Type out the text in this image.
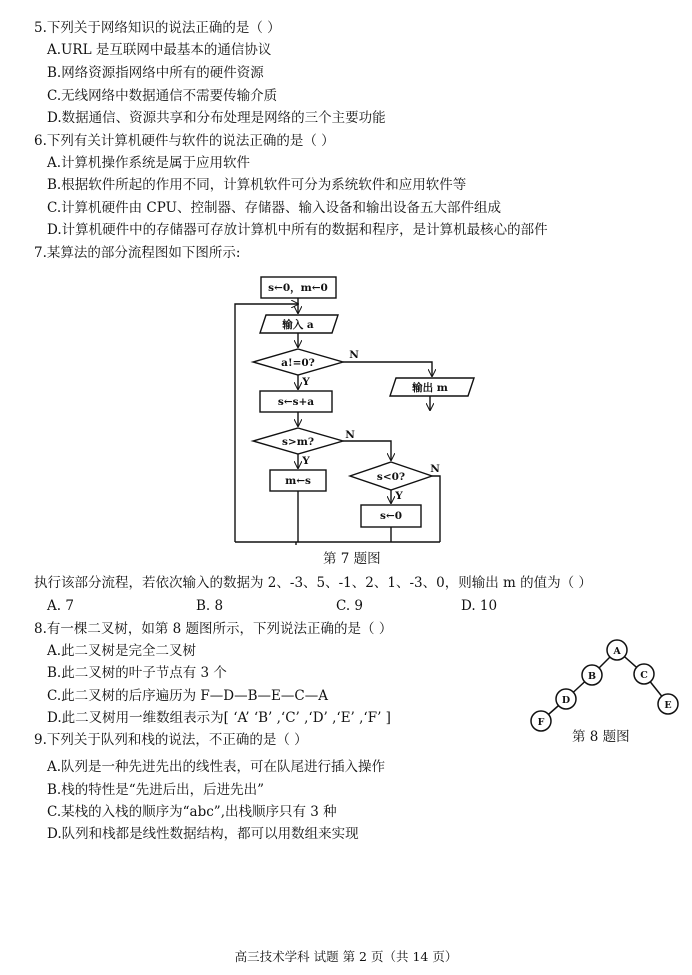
5.下列关于网络知识的说法正确的是（ ）
A.URL 是互联网中最基本的通信协议
B.网络资源指网络中所有的硬件资源
C.无线网络中数据通信不需要传输介质
D.数据通信、资源共享和分布处理是网络的三个主要功能
6.下列有关计算机硬件与软件的说法正确的是（ ）
A.计算机操作系统是属于应用软件
B.根据软件所起的作用不同，计算机软件可分为系统软件和应用软件等
C.计算机硬件由 CPU、控制器、存储器、输入设备和输出设备五大部件组成
D.计算机硬件中的存储器可存放计算机中所有的数据和程序，是计算机最核心的部件
7.某算法的部分流程图如下图所示:
s←0，m←0
输入 a
a!=0?
输出 m
s←s+a
s>m?
m←s	s<0?
s←0
N
Y
N
Y
N
Y
A
B	C
D	E
F
第 7 题图
执行该部分流程，若依次输入的数据为 2、-3、5、-1、2、1、-3、0，则输出 m 的值为（ ）
A. 7	B. 8	C. 9	D. 10
8.有一棵二叉树，如第 8 题图所示，下列说法正确的是（ ）
A.此二叉树是完全二叉树
B.此二叉树的叶子节点有 3 个
C.此二叉树的后序遍历为 F—D—B—E—C—A
D.此二叉树用一维数组表示为[ ‘A’ ‘B’ ,‘C’ ,‘D’ ,‘E’ ,‘F’ ]
第 8 题图
9.下列关于队列和栈的说法，不正确的是（ ）
A.队列是一种先进先出的线性表，可在队尾进行插入操作
B.栈的特性是“先进后出，后进先出”
C.某栈的入栈的顺序为“abc”,出栈顺序只有 3 种
D.队列和栈都是线性数据结构，都可以用数组来实现
高三技术学科 试题 第 2 页（共 14 页）
